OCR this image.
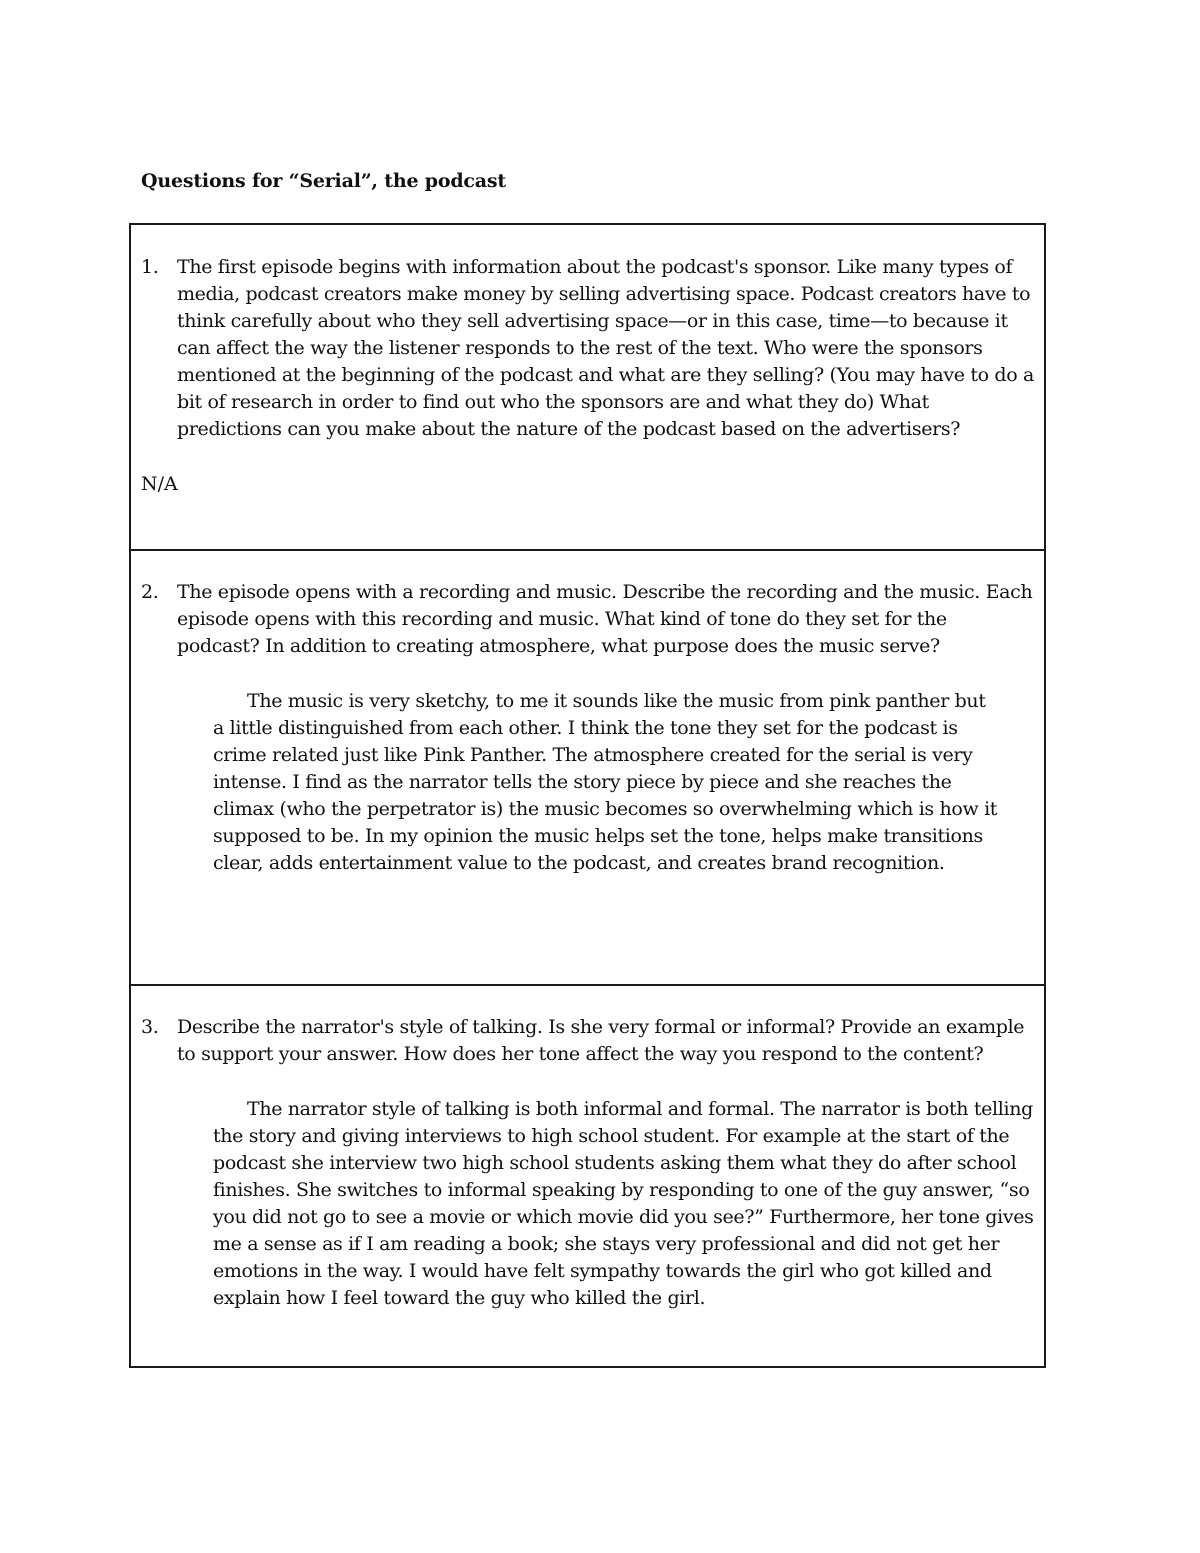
Questions for “Serial”, the podcast
1. The first episode begins with information about the podcast's sponsor. Like many types of media, podcast creators make money by selling advertising space. Podcast creators have to think carefully about who they sell advertising space—or in this case, time—to because it can affect the way the listener responds to the rest of the text. Who were the sponsors mentioned at the beginning of the podcast and what are they selling? (You may have to do a bit of research in order to find out who the sponsors are and what they do) What predictions can you make about the nature of the podcast based on the advertisers?
N/A
2. The episode opens with a recording and music. Describe the recording and the music. Each episode opens with this recording and music. What kind of tone do they set for the podcast? In addition to creating atmosphere, what purpose does the music serve?

The music is very sketchy, to me it sounds like the music from pink panther but a little distinguished from each other. I think the tone they set for the podcast is crime related just like Pink Panther. The atmosphere created for the serial is very intense. I find as the narrator tells the story piece by piece and she reaches the climax (who the perpetrator is) the music becomes so overwhelming which is how it supposed to be. In my opinion the music helps set the tone, helps make transitions clear, adds entertainment value to the podcast, and creates brand recognition.

3. Describe the narrator's style of talking. Is she very formal or informal? Provide an example to support your answer. How does her tone affect the way you respond to the content?

The narrator style of talking is both informal and formal. The narrator is both telling the story and giving interviews to high school student. For example at the start of the podcast she interview two high school students asking them what they do after school finishes. She switches to informal speaking by responding to one of the guy answer, “so you did not go to see a movie or which movie did you see?” Furthermore, her tone gives me a sense as if I am reading a book; she stays very professional and did not get her emotions in the way. I would have felt sympathy towards the girl who got killed and explain how I feel toward the guy who killed the girl.
